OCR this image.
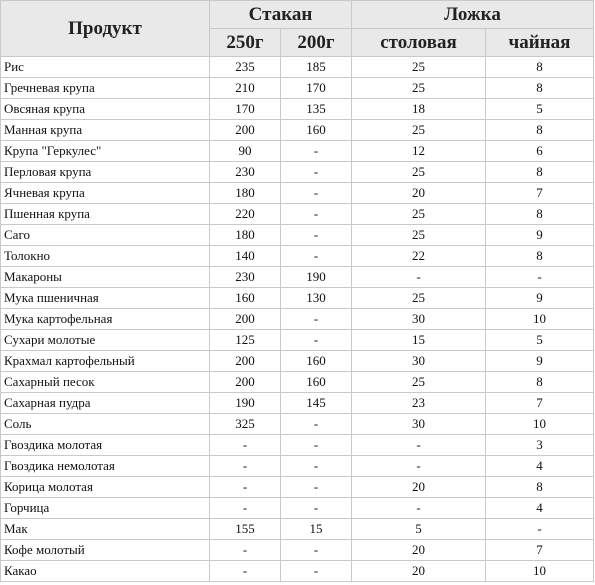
Продукт	Стакан		Ложка	
	250г	200г	столовая	чайная
Рис	235	185	25	8
Гречневая крупа	210	170	25	8
Овсяная крупа	170	135	18	5
Манная крупа	200	160	25	8
Крупа "Геркулес"	90	-	12	6
Перловая крупа	230	-	25	8
Ячневая крупа	180	-	20	7
Пшенная крупа	220	-	25	8
Саго	180	-	25	9
Толокно	140	-	22	8
Макароны	230	190	-	-
Мука пшеничная	160	130	25	9
Мука картофельная	200	-	30	10
Сухари молотые	125	-	15	5
Крахмал картофельный	200	160	30	9
Сахарный песок	200	160	25	8
Сахарная пудра	190	145	23	7
Соль	325	-	30	10
Гвоздика молотая	-	-	-	3
Гвоздика немолотая	-	-	-	4
Корица молотая	-	-	20	8
Горчица	-	-	-	4
Мак	155	15	5	-
Кофе молотый	-	-	20	7
Какао	-	-	20	10
